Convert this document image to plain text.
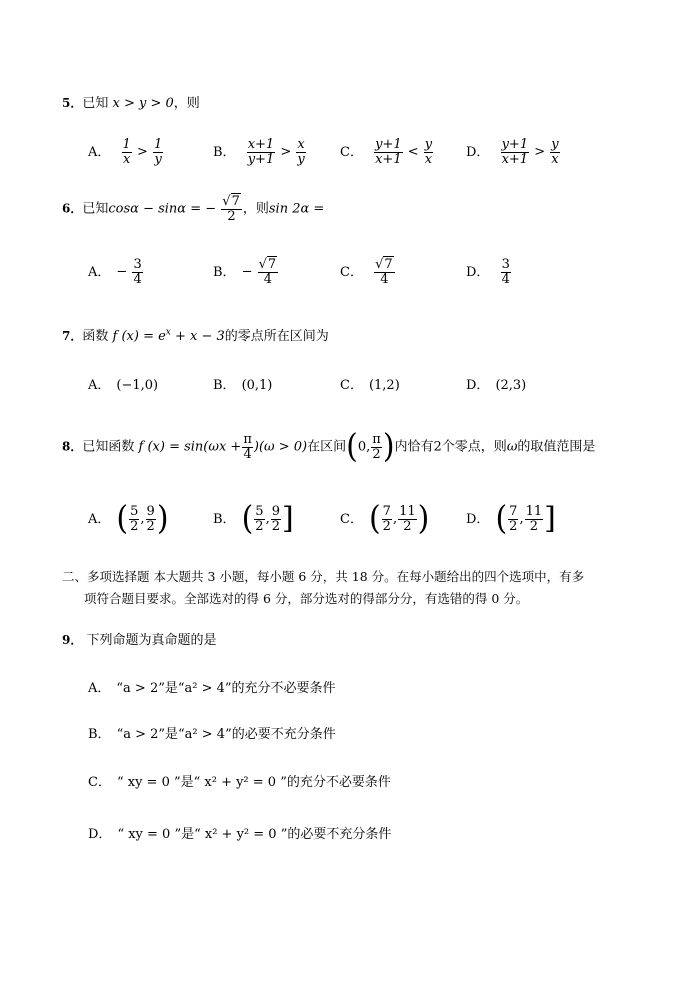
5．已知 x > y > 0，则
A． $\frac{1}{x} > \frac{1}{y}$	B． $\frac{x+1}{y+1} > \frac{x}{y}$	C． $\frac{y+1}{x+1} < \frac{y}{x}$	D． $\frac{y+1}{x+1} > \frac{y}{x}$
6．已知cosα − sinα = − $\frac{√7}{2}$ ，则sin 2α =
A． − $\frac{3}{4}$	B． − $\frac{√7}{4}$	C． $\frac{√7}{4}$	D． $\frac{3}{4}$
7．函数 f $(x) = e^x + x - 3$的零点所在区间为
A． (−1,0)	B． (0,1)	C． (1,2)	D． (2,3)
8．已知函数 f $(x) = \sin(\omega x + \frac{\pi}{4} )(\omega > 0)$在区间(0, $\frac{\pi}{2}$ )内恰有2个零点，则ω的取值范围是
A． ( $\frac{5}{2}$ , $\frac{9}{2}$ )	B． ( $\frac{5}{2}$ , $\frac{9}{2}$ ]	C． ( $\frac{7}{2}$ , $\frac{11}{2}$ )	D． ( $\frac{7}{2}$ , $\frac{11}{2}$ ]
二、多项选择题 本大题共 3 小题，每小题 6 分，共 18 分。在每小题给出的四个选项中，有多
项符合题目要求。全部选对的得 6 分，部分选对的得部分分，有选错的得 0 分。
9． 下列命题为真命题的是
A． “a > 2”是“a² > 4”的充分不必要条件
B． “a > 2”是“a² > 4”的必要不充分条件
C． “ xy = 0 ”是“ x² + y² = 0 ”的充分不必要条件
D． “ xy = 0 ”是“ x² + y² = 0 ”的必要不充分条件
